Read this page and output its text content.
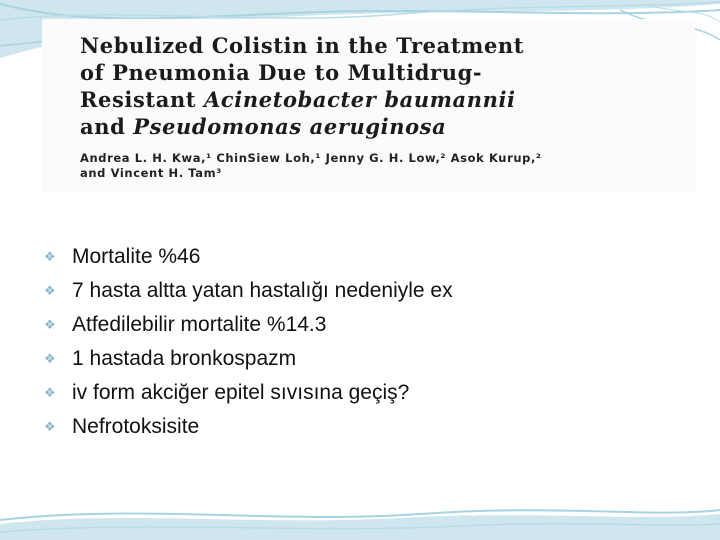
Nebulized Colistin in the Treatment
of Pneumonia Due to Multidrug-
Resistant Acinetobacter baumannii
and Pseudomonas aeruginosa
Andrea L. H. Kwa,¹ ChinSiew Loh,¹ Jenny G. H. Low,² Asok Kurup,²
and Vincent H. Tam³
❖ Mortalite %46
❖ 7 hasta altta yatan hastalığı nedeniyle ex
❖ Atfedilebilir mortalite %14.3
❖ 1 hastada bronkospazm
❖ iv form akciğer epitel sıvısına geçiş?
❖ Nefrotoksisite
